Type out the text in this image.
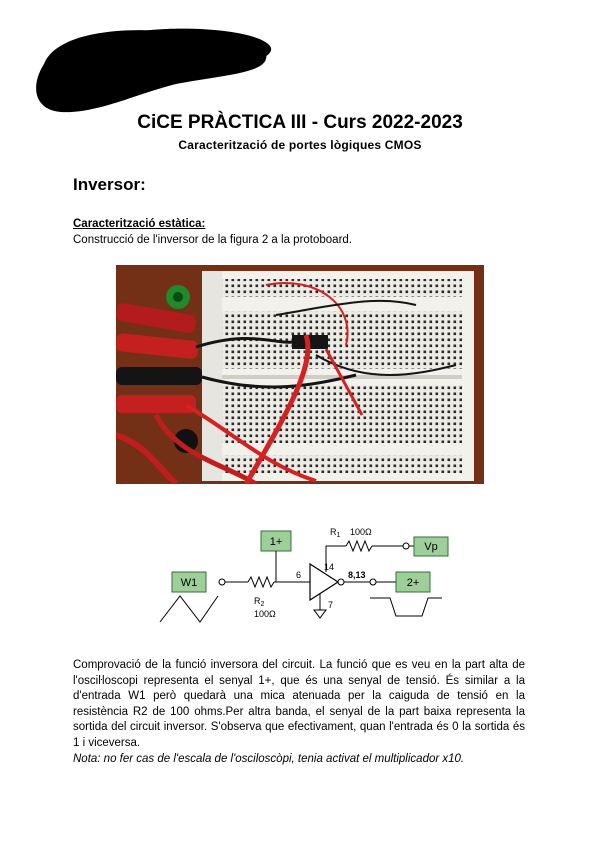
CiCE PRÀCTICA III - Curs 2022-2023

Caracterització de portes lògiques CMOS

Inversor:

Caracterització estàtica:

Construcció de l'inversor de la figura 2 a la protoboard.

1+
W1
$R_2$
100Ω
6
$R_1$ 100Ω
14
Vp
7
8,13
2+

Comprovació de la funció inversora del circuit. La funció que es veu en la part alta de l'osciŀloscopi representa el senyal 1+, que és una senyal de tensió. És similar a la d'entrada W1 però quedarà una mica atenuada per la caiguda de tensió en la resistència R2 de 100 ohms.Per altra banda, el senyal de la part baixa representa la sortida del circuit inversor. S'observa que efectivament, quan l'entrada és 0 la sortida és 1 i viceversa.

Nota: no fer cas de l'escala de l'osciloscòpi, tenia activat el multiplicador x10.
